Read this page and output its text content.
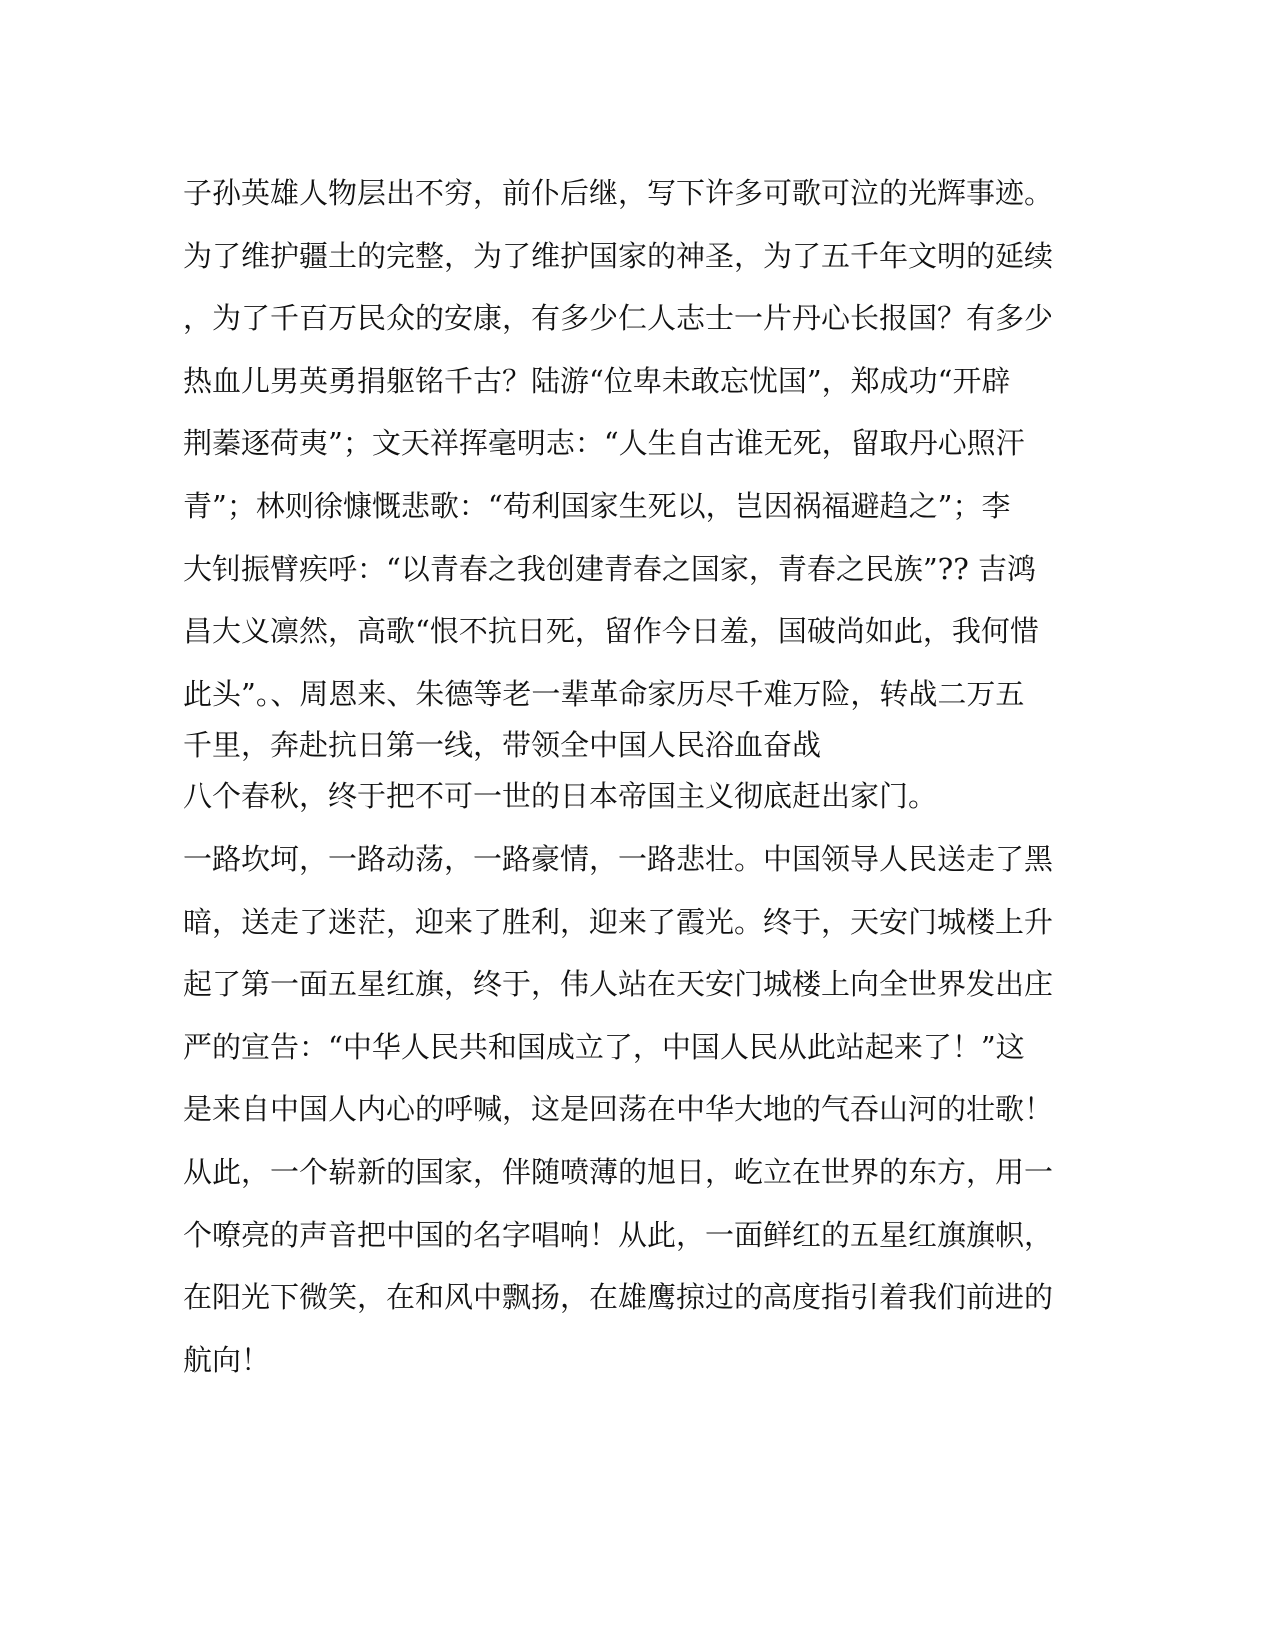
子孙英雄人物层出不穷，前仆后继，写下许多可歌可泣的光辉事迹。
为了维护疆土的完整，为了维护国家的神圣，为了五千年文明的延续
，为了千百万民众的安康，有多少仁人志士一片丹心长报国？有多少
热血儿男英勇捐躯铭千古？陆游“位卑未敢忘忧国”，郑成功“开辟
荆蓁逐荷夷”；文天祥挥毫明志：“人生自古谁无死，留取丹心照汗
青”；林则徐慷慨悲歌：“苟利国家生死以，岂因祸福避趋之”；李
大钊振臂疾呼：“以青春之我创建青春之国家，青春之民族”?? 吉鸿
昌大义凛然，高歌“恨不抗日死，留作今日羞，国破尚如此，我何惜
此头”。、周恩来、朱德等老一辈革命家历尽千难万险，转战二万五
千里，奔赴抗日第一线，带领全中国人民浴血奋战
八个春秋，终于把不可一世的日本帝国主义彻底赶出家门。
一路坎坷，一路动荡，一路豪情，一路悲壮。中国领导人民送走了黑
暗，送走了迷茫，迎来了胜利，迎来了霞光。终于，天安门城楼上升
起了第一面五星红旗，终于，伟人站在天安门城楼上向全世界发出庄
严的宣告：“中华人民共和国成立了，中国人民从此站起来了！”这
是来自中国人内心的呼喊，这是回荡在中华大地的气吞山河的壮歌！
从此，一个崭新的国家，伴随喷薄的旭日，屹立在世界的东方，用一
个嘹亮的声音把中国的名字唱响！从此，一面鲜红的五星红旗旗帜，
在阳光下微笑，在和风中飘扬，在雄鹰掠过的高度指引着我们前进的
航向！
